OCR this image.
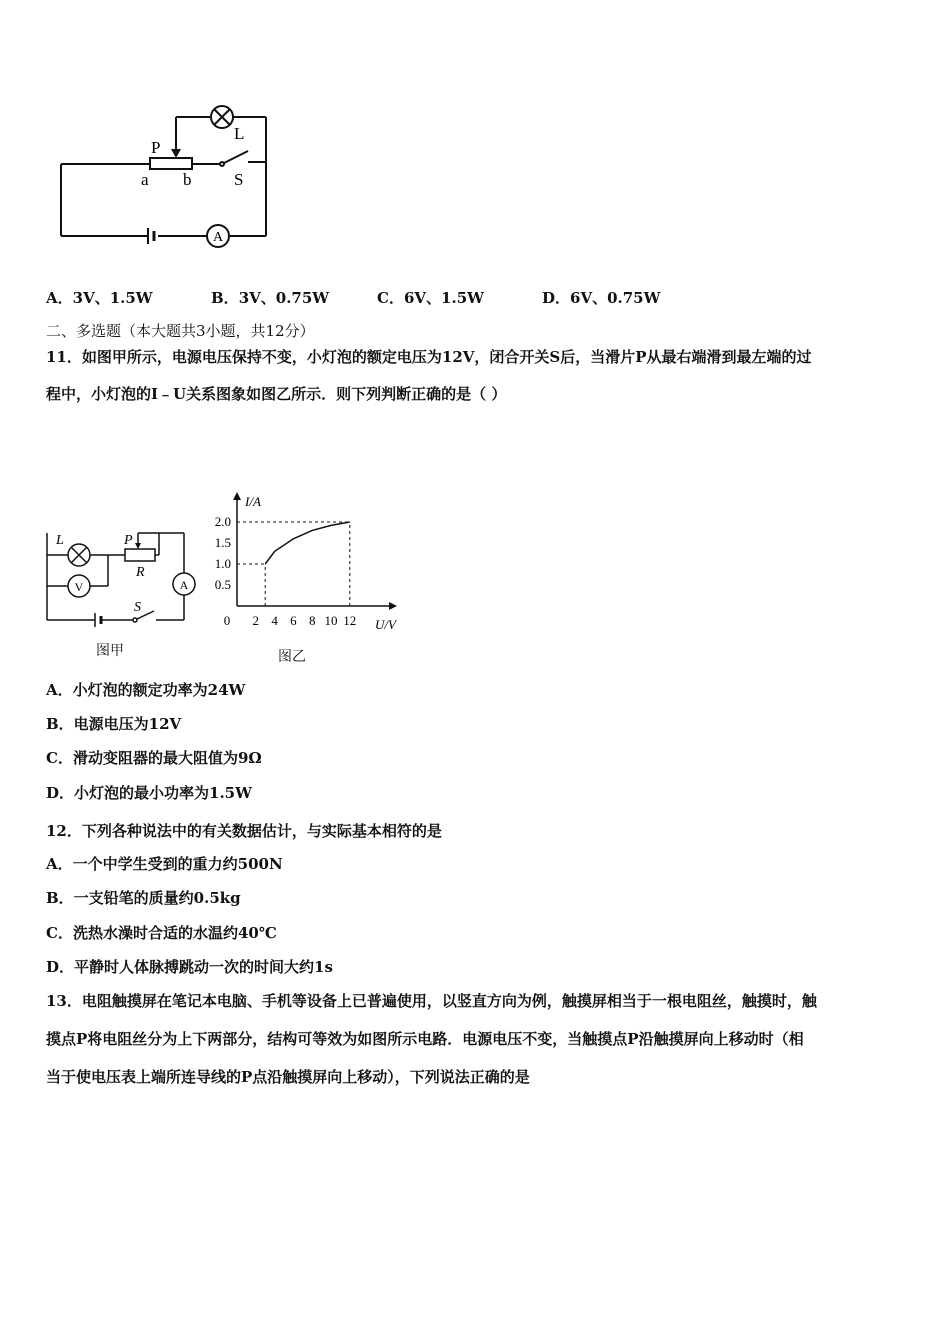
P
L
a b	S
A
A．3V、1.5W	B．3V、0.75W	C．6V、1.5W	D．6V、0.75W
二、多选题（本大题共3小题，共12分）
11．如图甲所示，电源电压保持不变，小灯泡的额定电压为12V，闭合开关S后，当滑片P从最右端滑到最左端的过
程中，小灯泡的I﹣U关系图象如图乙所示．则下列判断正确的是（ ）
L	P
R
V	A
S
图甲
0 2 4 6 8 10 12
2.0
1.5
1.0
0.5
I/A
U/V
图乙
A．小灯泡的额定功率为24W
B．电源电压为12V
C．滑动变阻器的最大阻值为9Ω
D．小灯泡的最小功率为1.5W
12．下列各种说法中的有关数据估计，与实际基本相符的是
A．一个中学生受到的重力约500N
B．一支铅笔的质量约0.5kg
C．洗热水澡时合适的水温约40℃
D．平静时人体脉搏跳动一次的时间大约1s
13．电阻触摸屏在笔记本电脑、手机等设备上已普遍使用，以竖直方向为例，触摸屏相当于一根电阻丝，触摸时，触
摸点P将电阻丝分为上下两部分，结构可等效为如图所示电路．电源电压不变，当触摸点P沿触摸屏向上移动时（相
当于使电压表上端所连导线的P点沿触摸屏向上移动），下列说法正确的是
